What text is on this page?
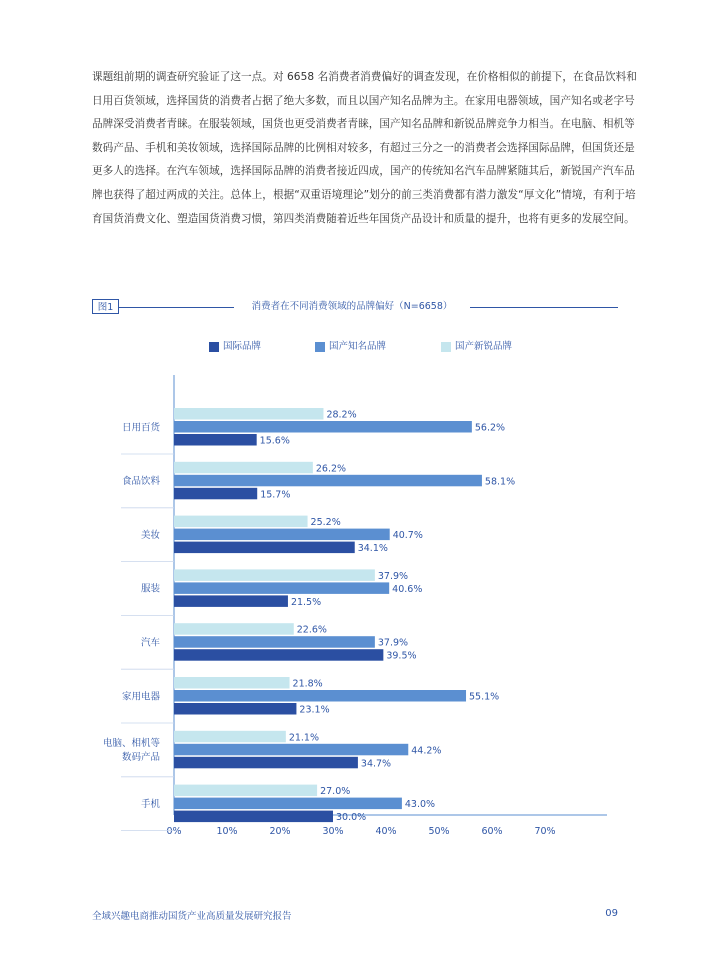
课题组前期的调查研究验证了这一点。对 6658 名消费者消费偏好的调查发现，在价格相似的前提下，在食品饮料和日用百货领域，选择国货的消费者占据了绝大多数，而且以国产知名品牌为主。在家用电器领域，国产知名或老字号品牌深受消费者青睐。在服装领域，国货也更受消费者青睐，国产知名品牌和新锐品牌竞争力相当。在电脑、相机等数码产品、手机和美妆领域，选择国际品牌的比例相对较多，有超过三分之一的消费者会选择国际品牌，但国货还是更多人的选择。在汽车领域，选择国际品牌的消费者接近四成，国产的传统知名汽车品牌紧随其后，新锐国产汽车品牌也获得了超过两成的关注。总体上，根据“双重语境理论”划分的前三类消费都有潜力激发“厚文化”情境，有利于培育国货消费文化、塑造国货消费习惯，第四类消费随着近些年国货产品设计和质量的提升，也将有更多的发展空间。

图1	消费者在不同消费领域的品牌偏好（N=6658）
国际品牌	国产知名品牌	国产新锐品牌
0%	10%	20%	30%	40%	50%	60%	70%
日用百货
28.2%
56.2%
15.6%
食品饮料
26.2%
58.1%
15.7%
美妆
25.2%
40.7%
34.1%
服装
37.9%
40.6%
21.5%
汽车
22.6%
37.9%
39.5%
家用电器
21.8%
55.1%
23.1%
电脑、相机等
数码产品
21.1%
44.2%
34.7%
手机
27.0%
43.0%
30.0%
全域兴趣电商推动国货产业高质量发展研究报告	09
